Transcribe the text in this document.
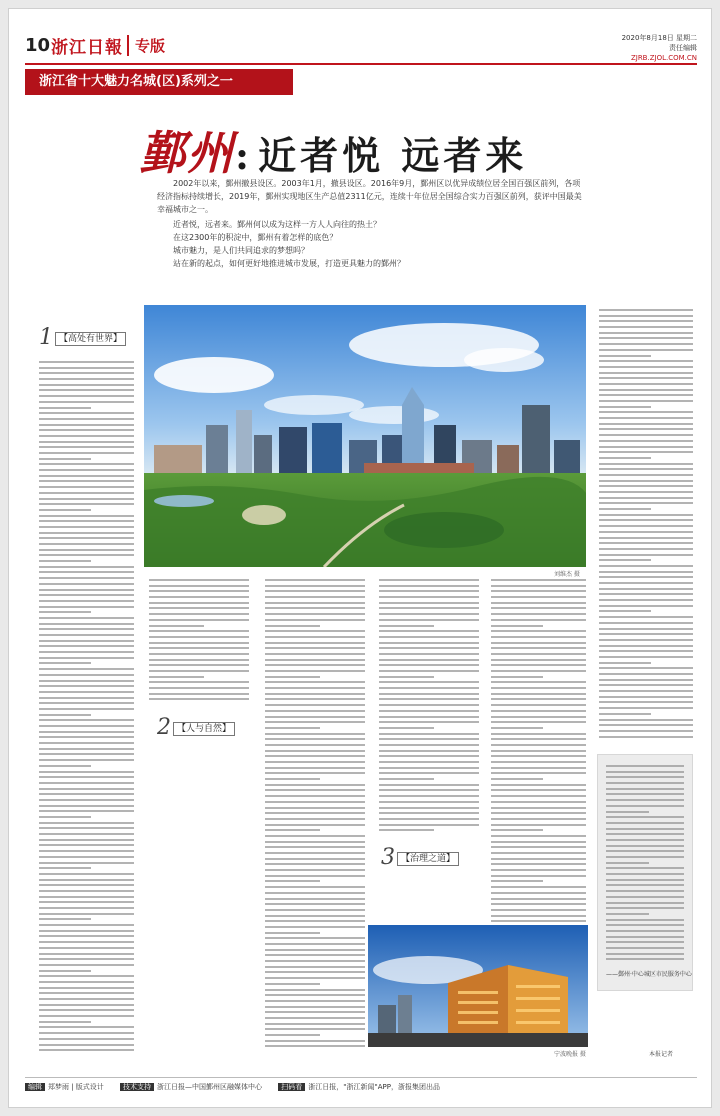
10 浙江日報 专版	2020年8月18日 星期二
责任编辑
ZJRB.ZJOL.COM.CN
浙江省十大魅力名城(区)系列之一
鄞州: 近者悦 远者来

2002年以来，鄞州撤县设区。2003年1月，撤县设区。2016年9月，鄞州区以优异成绩位居全国百强区前列，各项经济指标持续增长，2019年，鄞州实现地区生产总值2311亿元，连续十年位居全国综合实力百强区前列，获评中国最美幸福城市之一。

近者悦，远者来。鄞州何以成为这样一方人人向往的热土？

在这2300年的积淀中，鄞州有着怎样的底色？

城市魅力，是人们共同追求的梦想吗？

站在新的起点，如何更好地推进城市发展，打造更具魅力的鄞州？

刘维杰 摄
1 【高处有世界】
2 【人与自然】
3 【治理之道】
——鄞州·中心城区市民服务中心
宁波晚报 摄	本报记者
编辑 郑梦雨 | 版式设计	技术支持 浙江日报—中国鄞州区融媒体中心	扫码看 浙江日报，"浙江新闻"APP，浙报集团出品
